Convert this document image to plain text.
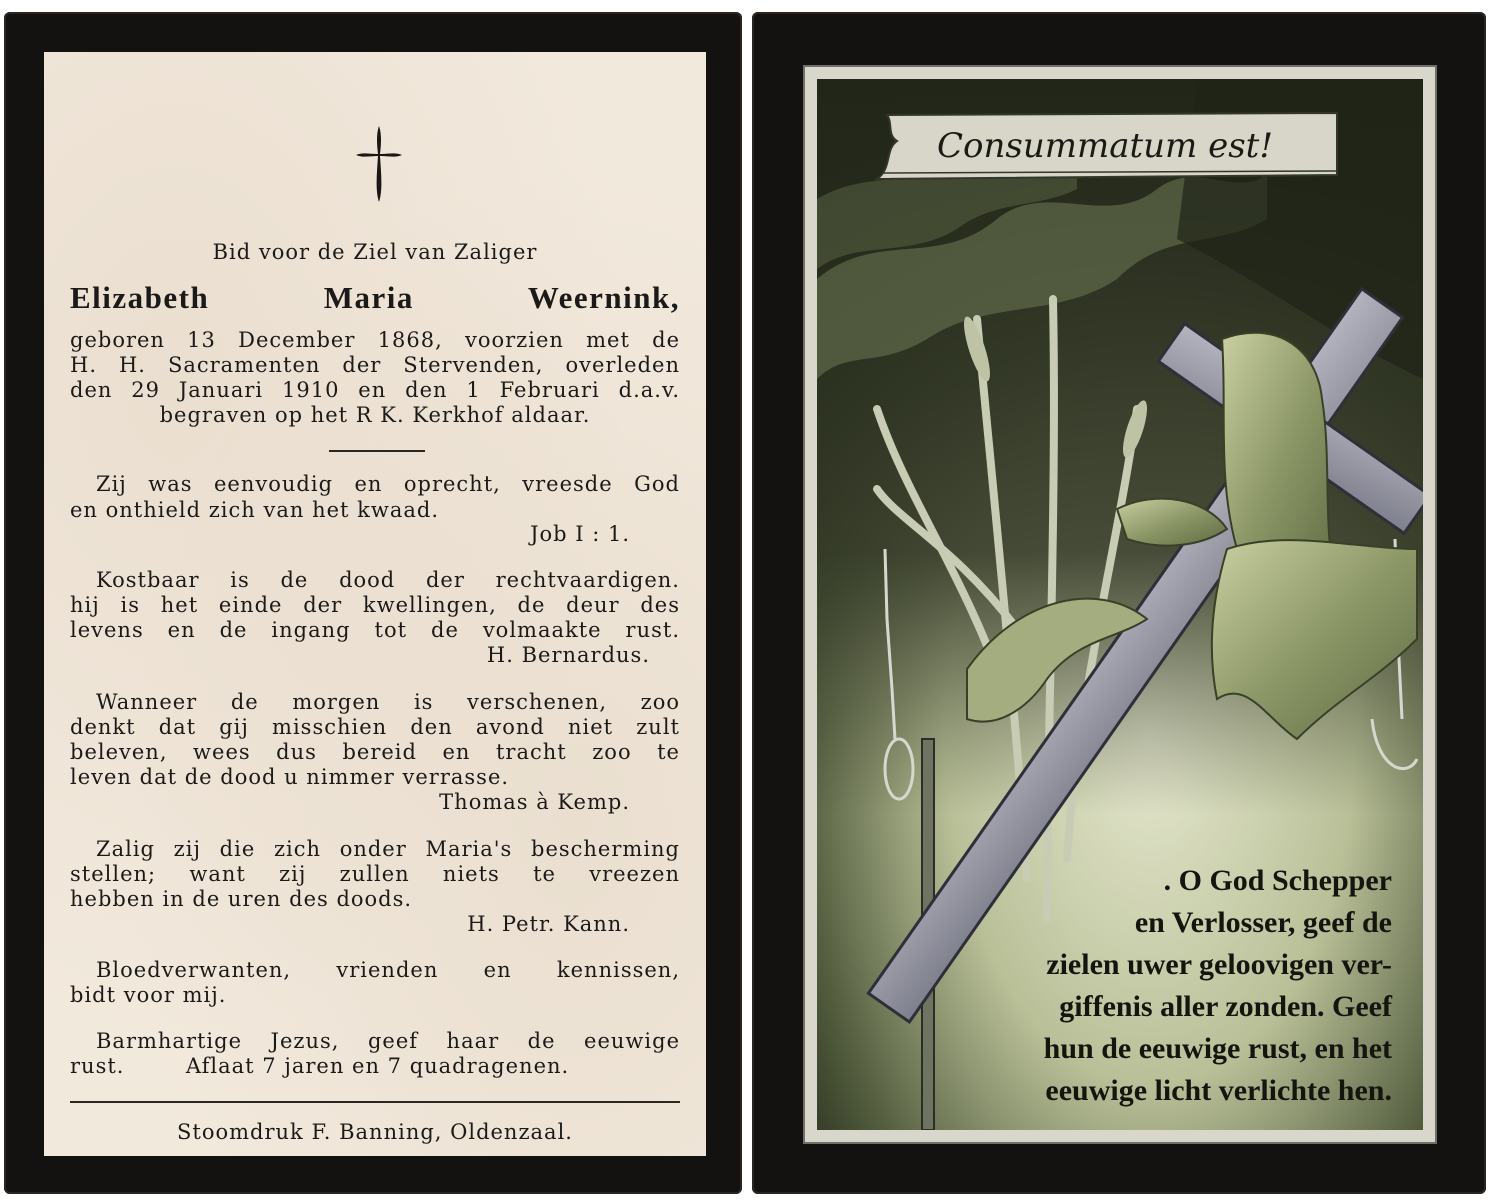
Bid voor de Ziel van Zaliger
Elizabeth Maria Weernink,
geboren 13 December 1868, voorzien met de
H. H. Sacramenten der Stervenden, overleden
den 29 Januari 1910 en den 1 Februari d.a.v.
begraven op het R K. Kerkhof aldaar.
Zij was eenvoudig en oprecht, vreesde God
en onthield zich van het kwaad.
Job I : 1.
Kostbaar is de dood der rechtvaardigen.
hij is het einde der kwellingen, de deur des
levens en de ingang tot de volmaakte rust.
H. Bernardus.
Wanneer de morgen is verschenen, zoo
denkt dat gij misschien den avond niet zult
beleven, wees dus bereid en tracht zoo te
leven dat de dood u nimmer verrasse.
Thomas à Kemp.
Zalig zij die zich onder Maria's bescherming
stellen; want zij zullen niets te vreezen
hebben in de uren des doods.
H. Petr. Kann.
Bloedverwanten, vrienden en kennissen,
bidt voor mij.
Barmhartige Jezus, geef haar de eeuwige
rust.        Aflaat 7 jaren en 7 quadragenen.
Stoomdruk F. Banning, Oldenzaal.
Consummatum est!
. O God Schepper
en Verlosser, geef de
zielen uwer geloovigen ver-
giffenis aller zonden. Geef
hun de eeuwige rust, en het
eeuwige licht verlichte hen.
